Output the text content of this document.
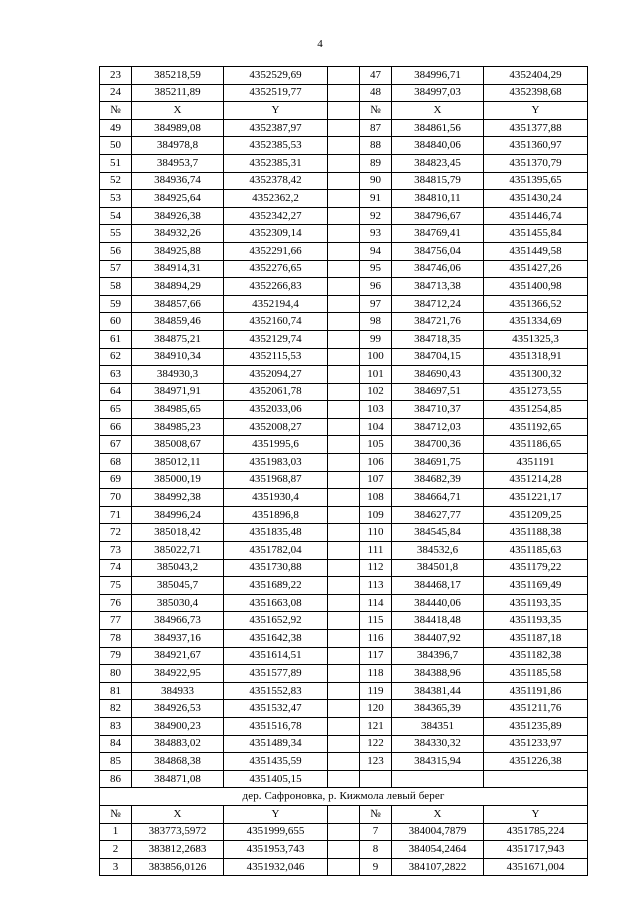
4
23	385218,59	4352529,69		47	384996,71	4352404,29
24	385211,89	4352519,77		48	384997,03	4352398,68
№	X	Y		№	X	Y
49	384989,08	4352387,97		87	384861,56	4351377,88
50	384978,8	4352385,53		88	384840,06	4351360,97
51	384953,7	4352385,31		89	384823,45	4351370,79
52	384936,74	4352378,42		90	384815,79	4351395,65
53	384925,64	4352362,2		91	384810,11	4351430,24
54	384926,38	4352342,27		92	384796,67	4351446,74
55	384932,26	4352309,14		93	384769,41	4351455,84
56	384925,88	4352291,66		94	384756,04	4351449,58
57	384914,31	4352276,65		95	384746,06	4351427,26
58	384894,29	4352266,83		96	384713,38	4351400,98
59	384857,66	4352194,4		97	384712,24	4351366,52
60	384859,46	4352160,74		98	384721,76	4351334,69
61	384875,21	4352129,74		99	384718,35	4351325,3
62	384910,34	4352115,53		100	384704,15	4351318,91
63	384930,3	4352094,27		101	384690,43	4351300,32
64	384971,91	4352061,78		102	384697,51	4351273,55
65	384985,65	4352033,06		103	384710,37	4351254,85
66	384985,23	4352008,27		104	384712,03	4351192,65
67	385008,67	4351995,6		105	384700,36	4351186,65
68	385012,11	4351983,03		106	384691,75	4351191
69	385000,19	4351968,87		107	384682,39	4351214,28
70	384992,38	4351930,4		108	384664,71	4351221,17
71	384996,24	4351896,8		109	384627,77	4351209,25
72	385018,42	4351835,48		110	384545,84	4351188,38
73	385022,71	4351782,04		111	384532,6	4351185,63
74	385043,2	4351730,88		112	384501,8	4351179,22
75	385045,7	4351689,22		113	384468,17	4351169,49
76	385030,4	4351663,08		114	384440,06	4351193,35
77	384966,73	4351652,92		115	384418,48	4351193,35
78	384937,16	4351642,38		116	384407,92	4351187,18
79	384921,67	4351614,51		117	384396,7	4351182,38
80	384922,95	4351577,89		118	384388,96	4351185,58
81	384933	4351552,83		119	384381,44	4351191,86
82	384926,53	4351532,47		120	384365,39	4351211,76
83	384900,23	4351516,78		121	384351	4351235,89
84	384883,02	4351489,34		122	384330,32	4351233,97
85	384868,38	4351435,59		123	384315,94	4351226,38
86	384871,08	4351405,15				
дер. Сафроновка, р. Кижмола левый берег						
№	X	Y		№	X	Y
1	383773,5972	4351999,655		7	384004,7879	4351785,224
2	383812,2683	4351953,743		8	384054,2464	4351717,943
3	383856,0126	4351932,046		9	384107,2822	4351671,004
